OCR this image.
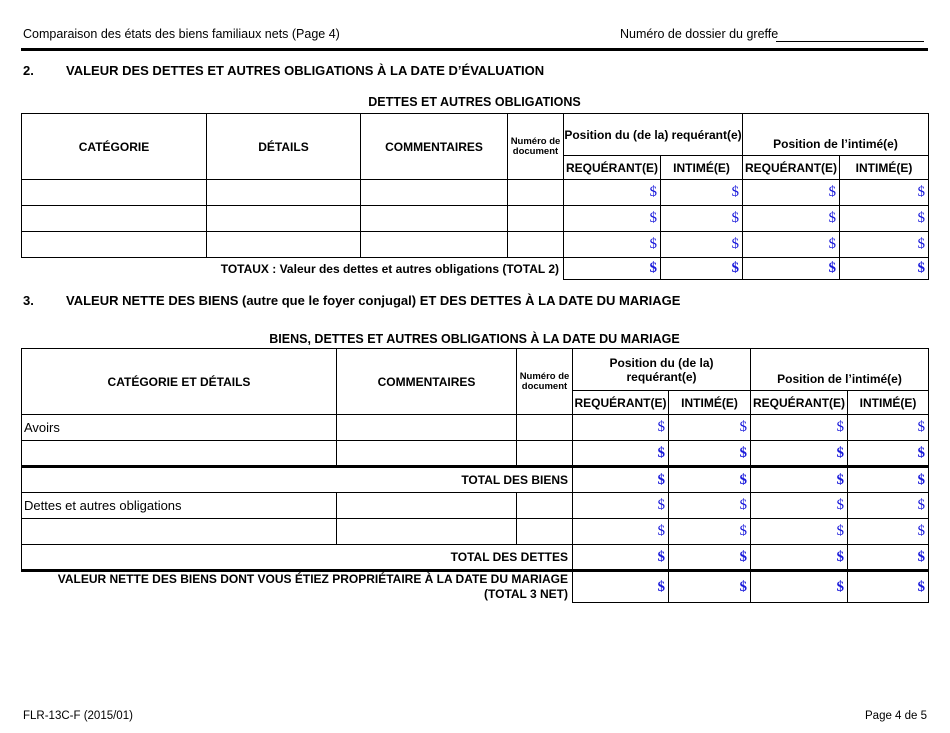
Comparaison des états des biens familiaux nets (Page 4)	Numéro de dossier du greffe
2. VALEUR DES DETTES ET AUTRES OBLIGATIONS À LA DATE D’ÉVALUATION
DETTES ET AUTRES OBLIGATIONS
CATÉGORIE	DÉTAILS	COMMENTAIRES	Numéro de document	Position du (de la) requérant(e)		Position de l’intimé(e)	
				REQUÉRANT(E)	INTIMÉ(E)	REQUÉRANT(E)	INTIMÉ(E)
				$	$	$	$
				$	$	$	$
				$	$	$	$
TOTAUX : Valeur des dettes et autres obligations (TOTAL 2)				$	$	$	$
3. VALEUR NETTE DES BIENS (autre que le foyer conjugal) ET DES DETTES À LA DATE DU MARIAGE
BIENS, DETTES ET AUTRES OBLIGATIONS À LA DATE DU MARIAGE
CATÉGORIE ET DÉTAILS	COMMENTAIRES	Numéro de document	Position du (de la) requérant(e)		Position de l’intimé(e)	
			REQUÉRANT(E)	INTIMÉ(E)	REQUÉRANT(E)	INTIMÉ(E)
Avoirs			$	$	$	$
			$	$	$	$
TOTAL DES BIENS			$	$	$	$
Dettes et autres obligations			$	$	$	$
			$	$	$	$
TOTAL DES DETTES			$	$	$	$
VALEUR NETTE DES BIENS DONT VOUS ÉTIEZ PROPRIÉTAIRE À LA DATE DU MARIAGE (TOTAL 3 NET)			$	$	$	$
FLR-13C-F (2015/01)	Page 4 de 5
